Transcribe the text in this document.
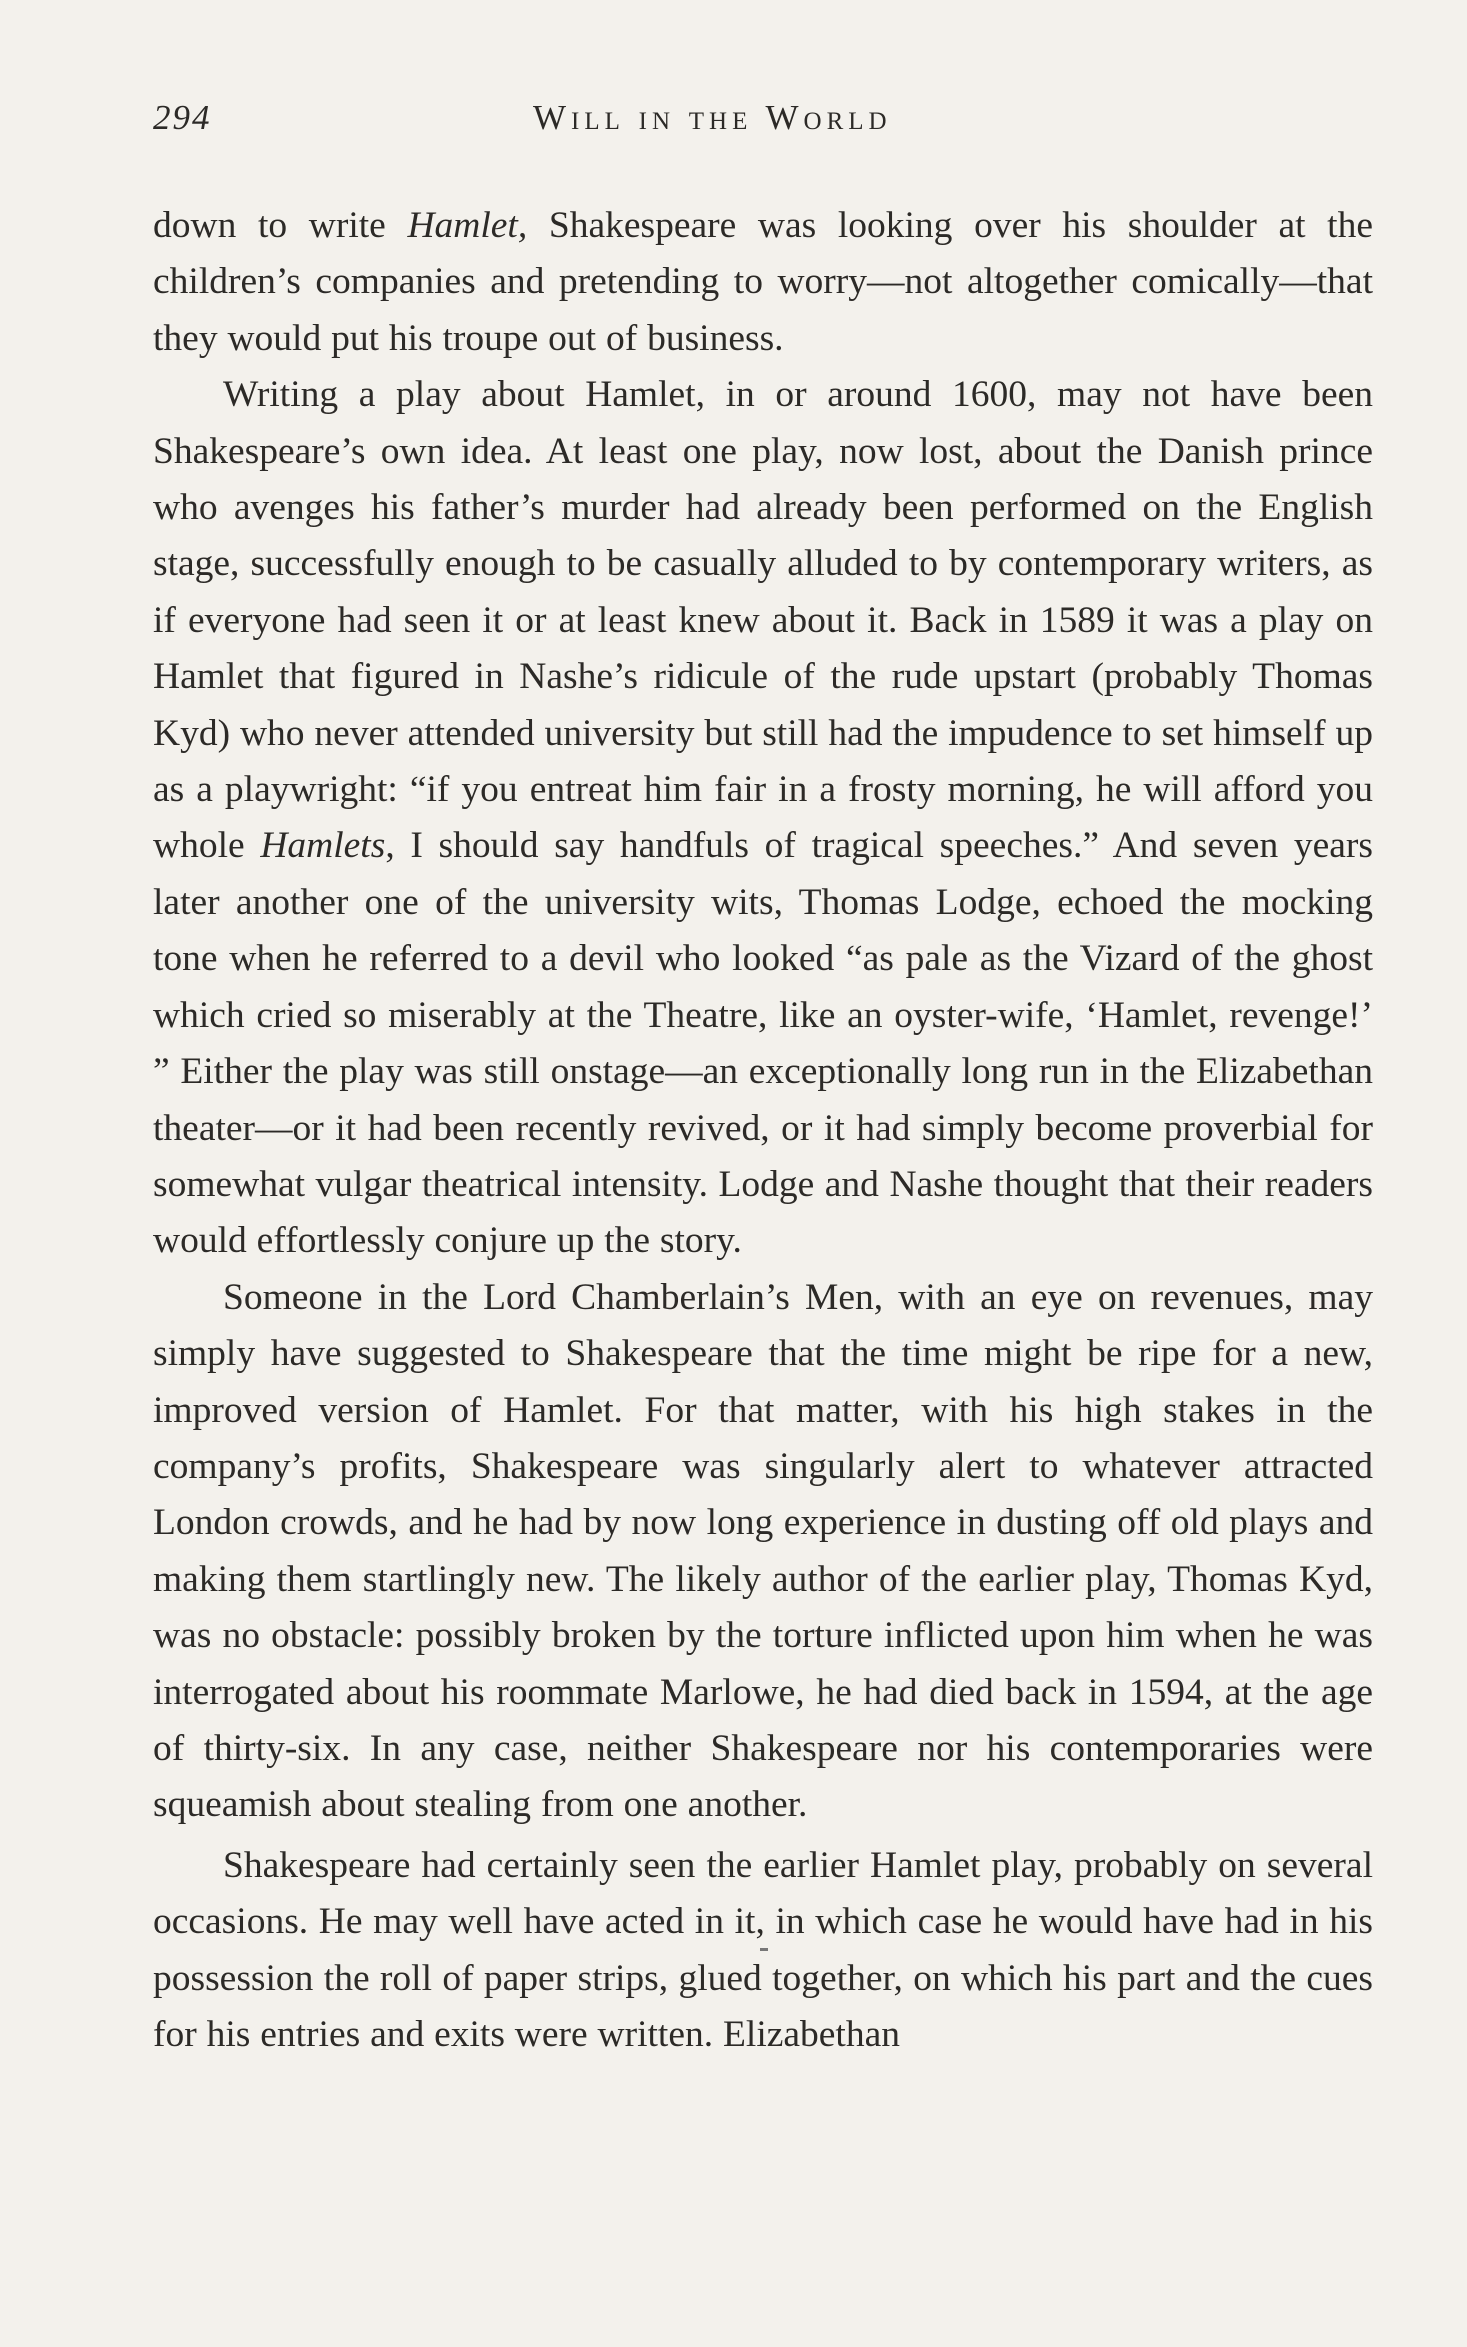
294	Will in the World

down to write Hamlet, Shakespeare was looking over his shoulder at the children’s companies and pretending to worry—not altogether comically—that they would put his troupe out of business.

Writing a play about Hamlet, in or around 1600, may not have been Shakespeare’s own idea. At least one play, now lost, about the Danish prince who avenges his father’s murder had already been performed on the English stage, successfully enough to be casually alluded to by contemporary writers, as if everyone had seen it or at least knew about it. Back in 1589 it was a play on Hamlet that figured in Nashe’s ridicule of the rude upstart (probably Thomas Kyd) who never attended university but still had the impudence to set himself up as a playwright: “if you entreat him fair in a frosty morning, he will afford you whole Hamlets, I should say handfuls of tragical speeches.” And seven years later another one of the university wits, Thomas Lodge, echoed the mocking tone when he referred to a devil who looked “as pale as the Vizard of the ghost which cried so miserably at the Theatre, like an oyster-wife, ‘Hamlet, revenge!’ ” Either the play was still onstage—an exceptionally long run in the Elizabethan theater—or it had been recently revived, or it had simply become proverbial for somewhat vulgar theatrical intensity. Lodge and Nashe thought that their readers would effortlessly conjure up the story.

Someone in the Lord Chamberlain’s Men, with an eye on revenues, may simply have suggested to Shakespeare that the time might be ripe for a new, improved version of Hamlet. For that matter, with his high stakes in the company’s profits, Shakespeare was singularly alert to whatever attracted London crowds, and he had by now long experience in dusting off old plays and making them startlingly new. The likely author of the earlier play, Thomas Kyd, was no obstacle: possibly broken by the torture inflicted upon him when he was interrogated about his roommate Marlowe, he had died back in 1594, at the age of thirty-six. In any case, neither Shakespeare nor his contemporaries were squeamish about stealing from one another.

Shakespeare had certainly seen the earlier Hamlet play, probably on several occasions. He may well have acted in it, in which case he would have had in his possession the roll of paper strips, glued together, on which his part and the cues for his entries and exits were written. Elizabethan
